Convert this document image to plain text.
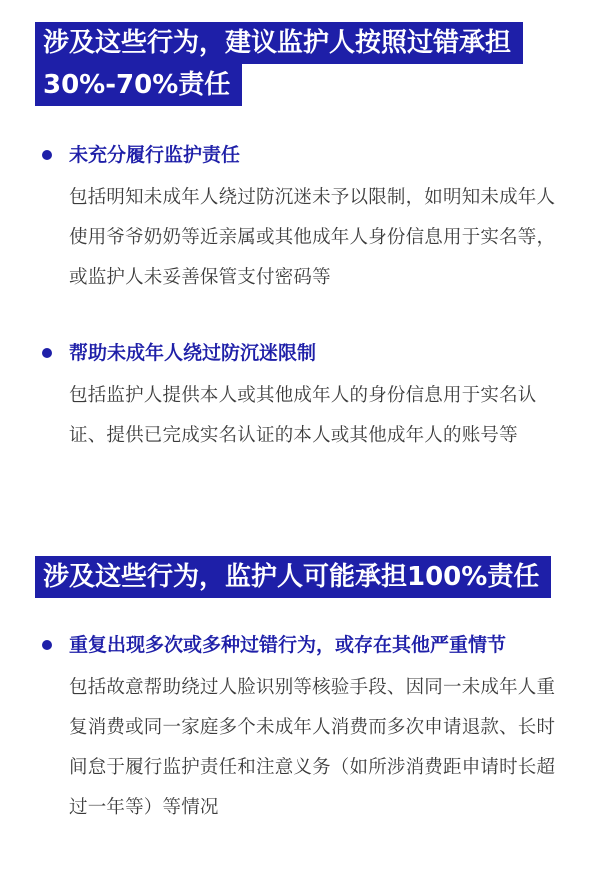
涉及这些行为，建议监护人按照过错承担
30%-70%责任
未充分履行监护责任
包括明知未成年人绕过防沉迷未予以限制，如明知未成年人使用爷爷奶奶等近亲属或其他成年人身份信息用于实名等，或监护人未妥善保管支付密码等
帮助未成年人绕过防沉迷限制
包括监护人提供本人或其他成年人的身份信息用于实名认证、提供已完成实名认证的本人或其他成年人的账号等
涉及这些行为，监护人可能承担100%责任
重复出现多次或多种过错行为，或存在其他严重情节
包括故意帮助绕过人脸识别等核验手段、因同一未成年人重复消费或同一家庭多个未成年人消费而多次申请退款、长时间怠于履行监护责任和注意义务（如所涉消费距申请时长超过一年等）等情况
